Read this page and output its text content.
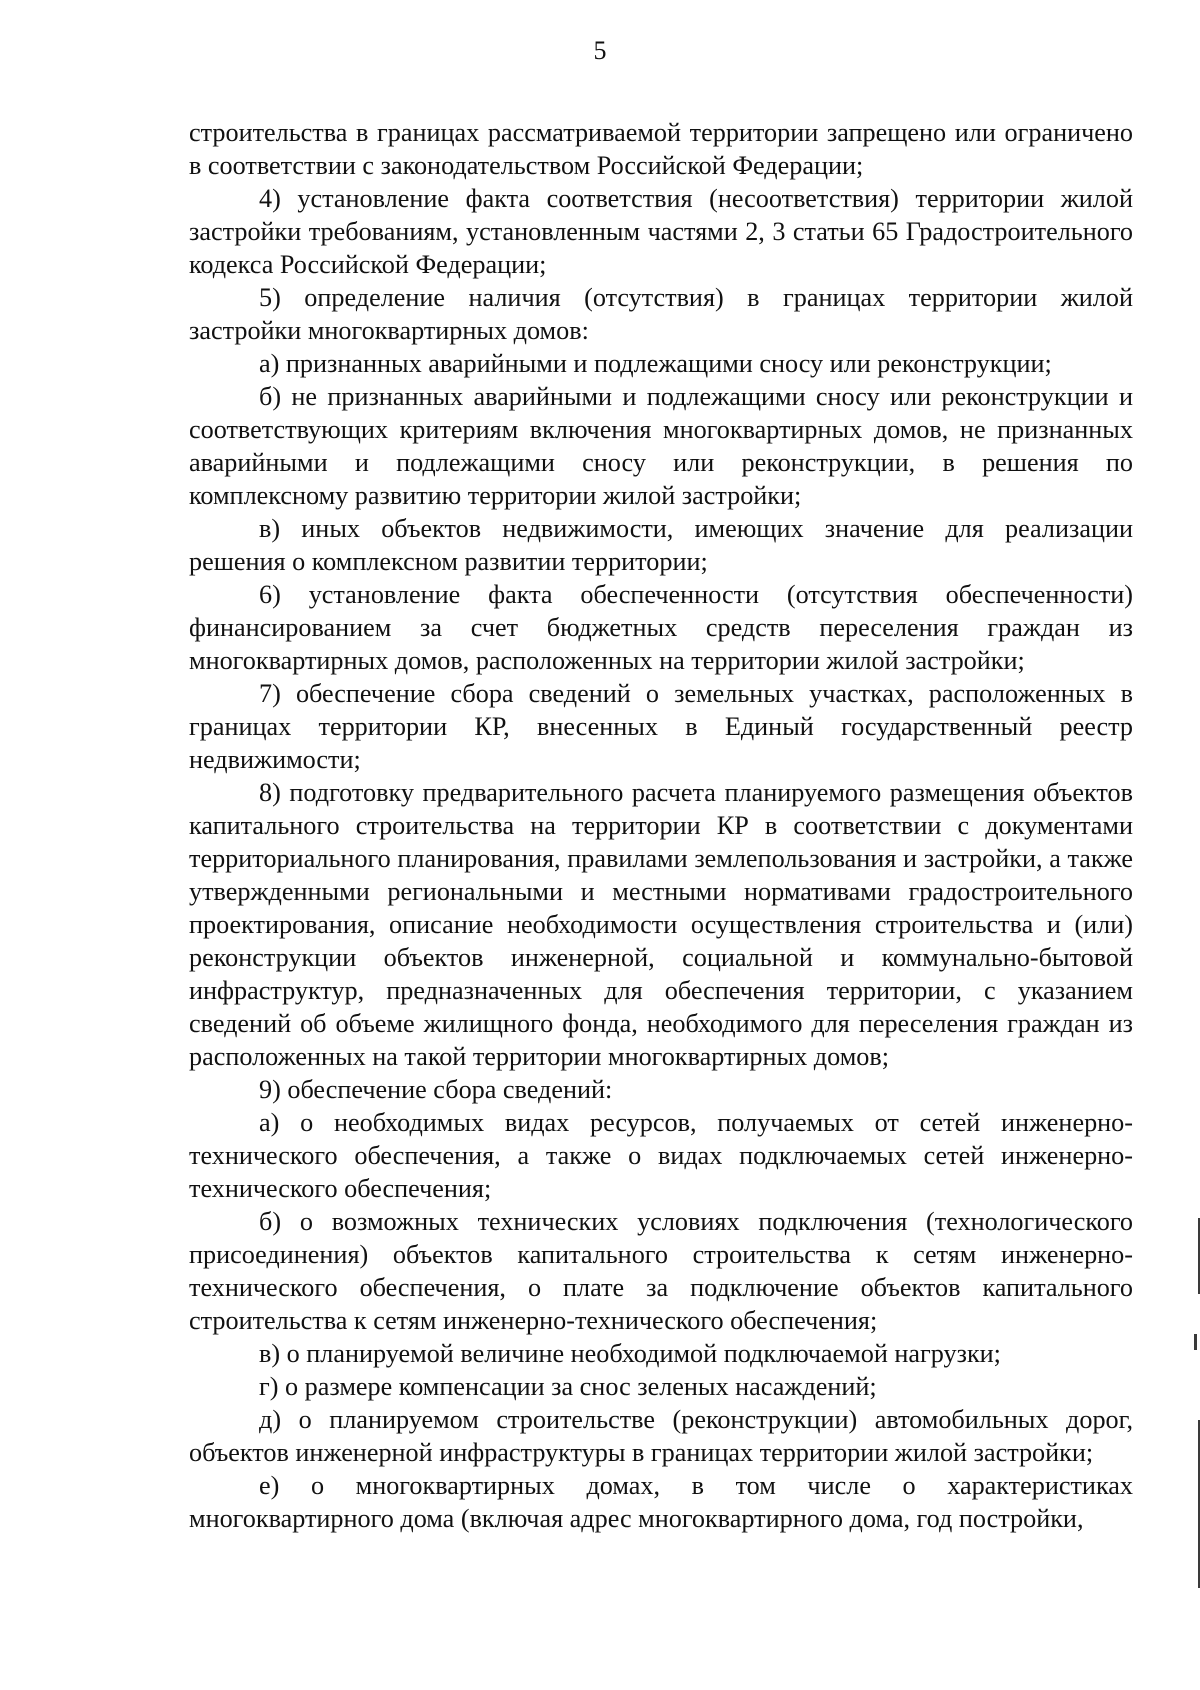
5

строительства в границах рассматриваемой территории запрещено или ограничено в соответствии с законодательством Российской Федерации;

4) установление факта соответствия (несоответствия) территории жилой застройки требованиям, установленным частями 2, 3 статьи 65 Градостроительного кодекса Российской Федерации;

5) определение наличия (отсутствия) в границах территории жилой застройки многоквартирных домов:

а) признанных аварийными и подлежащими сносу или реконструкции;

б) не признанных аварийными и подлежащими сносу или реконструкции и соответствующих критериям включения многоквартирных домов, не признанных аварийными и подлежащими сносу или реконструкции, в решения по комплексному развитию территории жилой застройки;

в) иных объектов недвижимости, имеющих значение для реализации решения о комплексном развитии территории;

6) установление факта обеспеченности (отсутствия обеспеченности) финансированием за счет бюджетных средств переселения граждан из многоквартирных домов, расположенных на территории жилой застройки;

7) обеспечение сбора сведений о земельных участках, расположенных в границах территории КР, внесенных в Единый государственный реестр недвижимости;

8) подготовку предварительного расчета планируемого размещения объектов капитального строительства на территории КР в соответствии с документами территориального планирования, правилами землепользования и застройки, а также утвержденными региональными и местными нормативами градостроительного проектирования, описание необходимости осуществления строительства и (или) реконструкции объектов инженерной, социальной и коммунально-бытовой инфраструктур, предназначенных для обеспечения территории, с указанием сведений об объеме жилищного фонда, необходимого для переселения граждан из расположенных на такой территории многоквартирных домов;

9) обеспечение сбора сведений:

а) о необходимых видах ресурсов, получаемых от сетей инженерно-технического обеспечения, а также о видах подключаемых сетей инженерно-технического обеспечения;

б) о возможных технических условиях подключения (технологического присоединения) объектов капитального строительства к сетям инженерно-технического обеспечения, о плате за подключение объектов капитального строительства к сетям инженерно-технического обеспечения;

в) о планируемой величине необходимой подключаемой нагрузки;

г) о размере компенсации за снос зеленых насаждений;

д) о планируемом строительстве (реконструкции) автомобильных дорог, объектов инженерной инфраструктуры в границах территории жилой застройки;

е) о многоквартирных домах, в том числе о характеристиках многоквартирного дома (включая адрес многоквартирного дома, год постройки,
